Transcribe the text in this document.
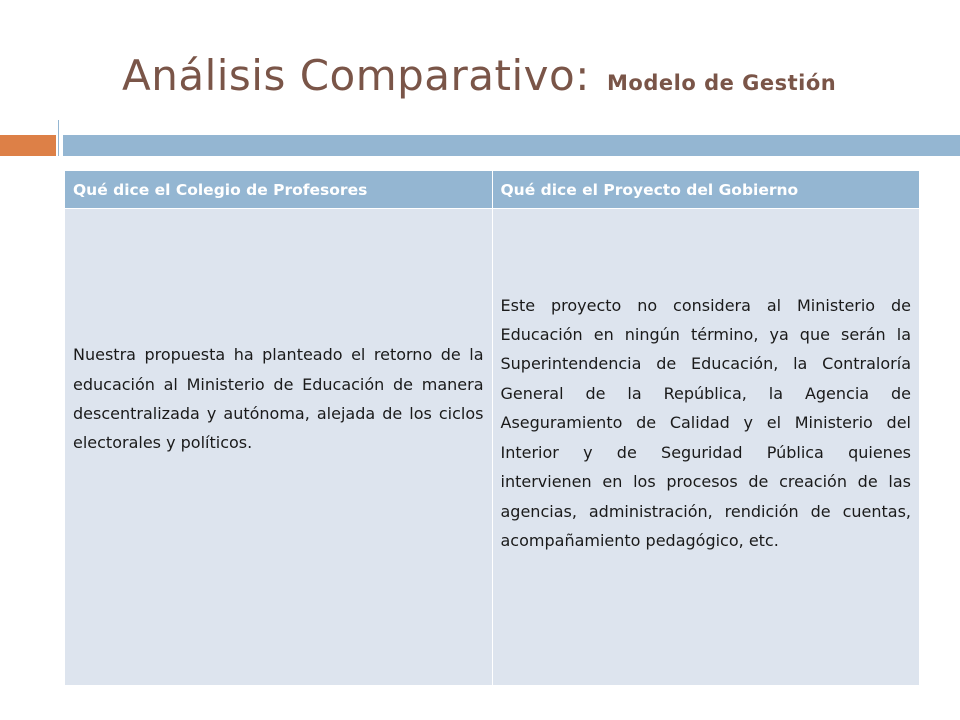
Análisis Comparativo: Modelo de Gestión
Qué dice el Colegio de Profesores	Qué dice el Proyecto del Gobierno

Nuestra propuesta ha planteado el retorno de la educación al Ministerio de Educación de manera descentralizada y autónoma, alejada de los ciclos electorales y políticos.	Este proyecto no considera al Ministerio de Educación en ningún término, ya que serán la Superintendencia de Educación, la Contraloría General de la República, la Agencia de Aseguramiento de Calidad y el Ministerio del Interior y de Seguridad Pública quienes intervienen en los procesos de creación de las agencias, administración, rendición de cuentas, acompañamiento pedagógico, etc.
